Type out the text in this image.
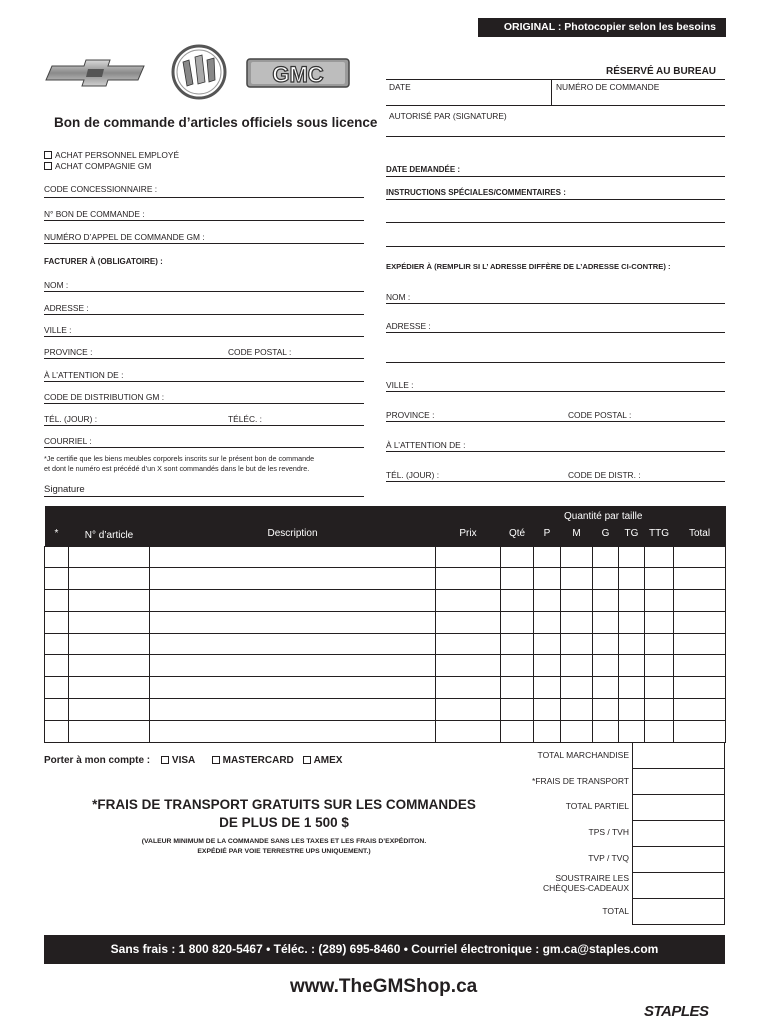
ORIGINAL : Photocopier selon les besoins
GMC
Bon de commande d’articles officiels sous licence
RÉSERVÉ AU BUREAU
DATE	NUMÉRO DE COMMANDE
AUTORISÉ PAR (SIGNATURE)
ACHAT PERSONNEL EMPLOYÉ
ACHAT COMPAGNIE GM
CODE CONCESSIONNAIRE :
N° BON DE COMMANDE :
NUMÉRO D’APPEL DE COMMANDE GM :
FACTURER À (OBLIGATOIRE) :
NOM :
ADRESSE :
VILLE :
PROVINCE :	CODE POSTAL :
À L’ATTENTION DE :
CODE DE DISTRIBUTION GM :
TÉL. (JOUR) :	TÉLÉC. :
COURRIEL :
*Je certifie que les biens meubles corporels inscrits sur le présent bon de commande
et dont le numéro est précédé d’un X sont commandés dans le but de les revendre.
Signature
DATE DEMANDÉE :
INSTRUCTIONS SPÉCIALES/COMMENTAIRES :
EXPÉDIER À (REMPLIR SI L’ ADRESSE DIFFÈRE DE L’ADRESSE CI-CONTRE) :
NOM :
ADRESSE :
VILLE :
PROVINCE :	CODE POSTAL :
À L’ATTENTION DE :
TÉL. (JOUR) :	CODE DE DISTR. :
*	N° d’article	Description	Prix	Qté	P	M	G	TG	TTG	Total

Quantité par taille
Porter à mon compte : VISA	MASTERCARD AMEX
*FRAIS DE TRANSPORT GRATUITS SUR LES COMMANDES
DE PLUS DE 1 500 $
(VALEUR MINIMUM DE LA COMMANDE SANS LES TAXES ET LES FRAIS D’EXPÉDITON.
EXPÉDIÉ PAR VOIE TERRESTRE UPS UNIQUEMENT.)
TOTAL MARCHANDISE
*FRAIS DE TRANSPORT
TOTAL PARTIEL
TPS / TVH
TVP / TVQ
SOUSTRAIRE LES
CHÈQUES-CADEAUX
TOTAL
Sans frais : 1 800 820-5467 • Téléc. : (289) 695-8460 • Courriel électronique : gm.ca@staples.com
www.TheGMShop.ca
STAPLES
